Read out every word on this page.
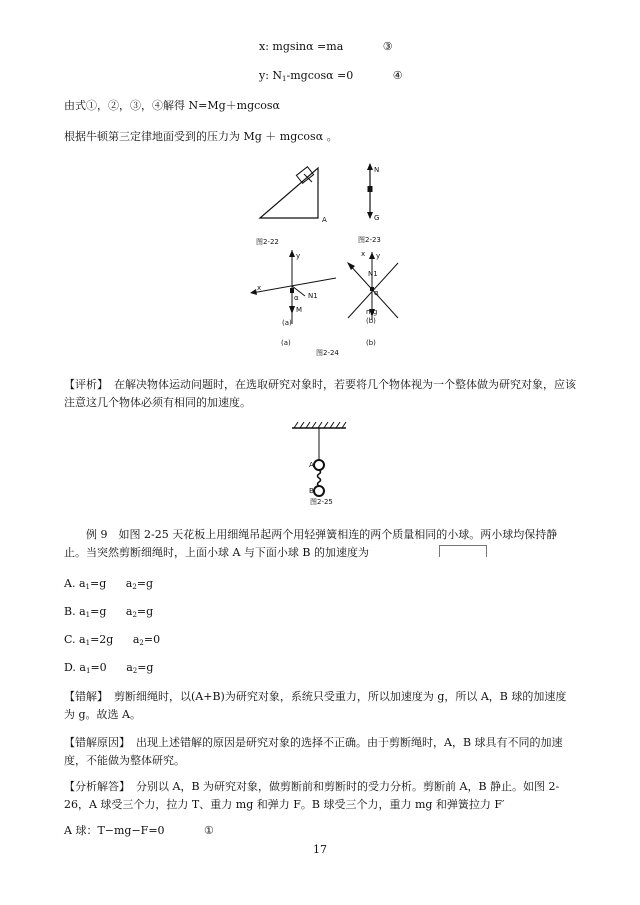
x: mgsinα =ma	③
y: $N_1$-mgcosα =0	④
由式①，②，③，④解得 N=Mg＋mgcosα
根据牛顿第三定律地面受到的压力为 Mg ＋ mgcosα 。
A
图2-22
N
G
图2-23
y
x
N1
α
M
(a)
(a)
x y
N1
α
mg
(b)
(b)
图2-24
【评析】 在解决物体运动问题时，在选取研究对象时，若要将几个物体视为一个整体做为研究对象，应该注意这几个物体必须有相同的加速度。
A
B
图2-25
例 9　如图 2-25 天花板上用细绳吊起两个用轻弹簧相连的两个质量相同的小球。两小球均保持静止。当突然剪断细绳时，上面小球 A 与下面小球 B 的加速度为
A. $a_1=g$ $a_2=g$
B. $a_1=g$ $a_2=g$
C. $a_1=2g$ $a_2=0$
D. $a_1=0$ $a_2=g$
【错解】 剪断细绳时，以(A+B)为研究对象，系统只受重力，所以加速度为 g，所以 A，B 球的加速度为 g。故选 A。
【错解原因】 出现上述错解的原因是研究对象的选择不正确。由于剪断绳时，A，B 球具有不同的加速度，不能做为整体研究。
【分析解答】 分别以 A，B 为研究对象，做剪断前和剪断时的受力分析。剪断前 A，B 静止。如图 2-26，A 球受三个力，拉力 T、重力 mg 和弹力 F。B 球受三个力，重力 mg 和弹簧拉力 F′
A 球：T−mg−F=0	①
17
